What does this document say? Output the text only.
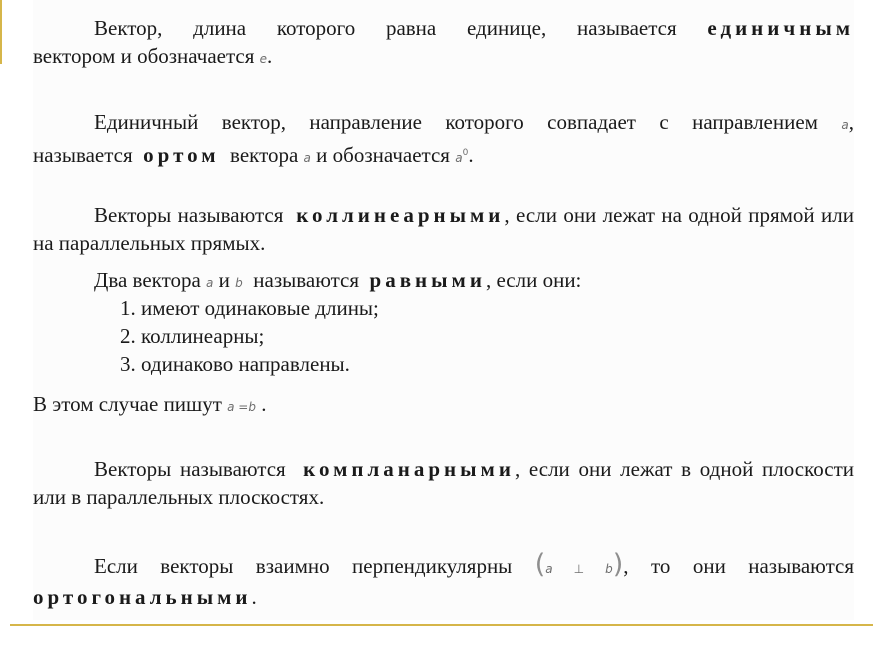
Вектор, длина которого равна единице, называется единичным
вектором и обозначается e.
Единичный вектор, направление которого совпадает с направлением a,
называется ортом вектора a и обозначается $a^0$.
Векторы называются коллинеарными, если они лежат на одной прямой или на параллельных прямых.
Два вектора a и b называются равными, если они:
1. имеют одинаковые длины;
2. коллинеарны;
3. одинаково направлены.
В этом случае пишут a =b .
Векторы называются компланарными, если они лежат в одной плоскости или в параллельных плоскостях.
Если векторы взаимно перпендикулярны (a ⊥ b), то они называются
ортогональными.
